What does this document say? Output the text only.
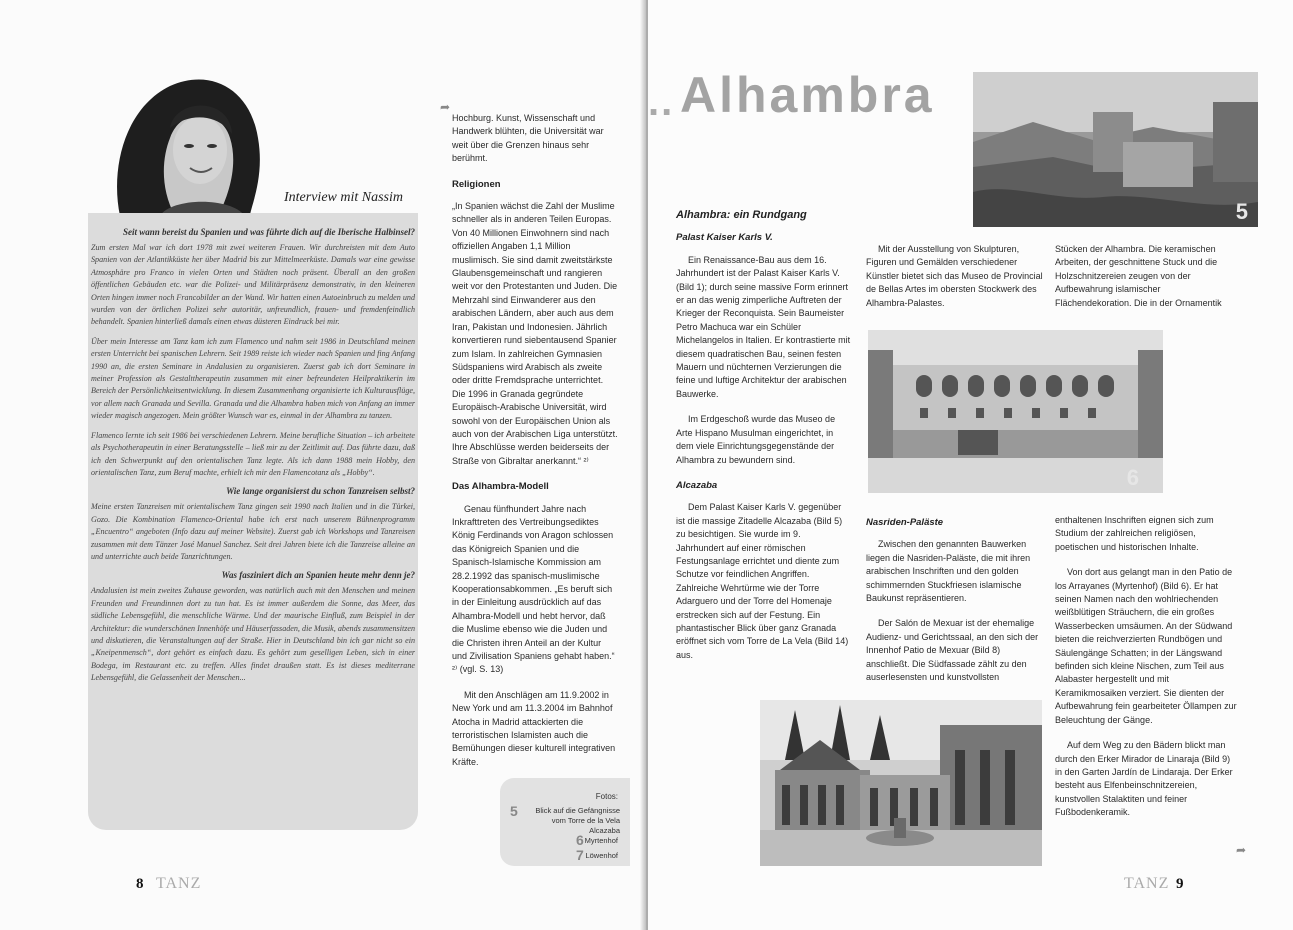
Interview mit Nassim
Seit wann bereist du Spanien und was führte dich auf die Iberische Halbinsel?

Zum ersten Mal war ich dort 1978 mit zwei weiteren Frauen. Wir durchreisten mit dem Auto Spanien von der Atlantikküste her über Madrid bis zur Mittelmeerküste. Damals war eine gewisse Atmosphäre pro Franco in vielen Orten und Städten noch präsent. Überall an den großen öffentlichen Gebäuden etc. war die Polizei- und Militärpräsenz demonstrativ, in den kleineren Orten hingen immer noch Francobilder an der Wand. Wir hatten einen Autoeinbruch zu melden und wurden von der örtlichen Polizei sehr autoritär, unfreundlich, frauen- und fremdenfeindlich behandelt. Spanien hinterließ damals einen etwas düsteren Eindruck bei mir.

Über mein Interesse am Tanz kam ich zum Flamenco und nahm seit 1986 in Deutschland meinen ersten Unterricht bei spanischen Lehrern. Seit 1989 reiste ich wieder nach Spanien und fing Anfang 1990 an, die ersten Seminare in Andalusien zu organisieren. Zuerst gab ich dort Seminare in meiner Profession als Gestalttherapeutin zusammen mit einer befreundeten Heilpraktikerin im Bereich der Persönlichkeitsentwicklung. In diesem Zusammenhang organisierte ich Kulturausflüge, vor allem nach Granada und Sevilla. Granada und die Alhambra haben mich von Anfang an immer wieder magisch angezogen. Mein größter Wunsch war es, einmal in der Alhambra zu tanzen.

Flamenco lernte ich seit 1986 bei verschiedenen Lehrern. Meine berufliche Situation – ich arbeitete als Psychotherapeutin in einer Beratungsstelle – ließ mir zu der Zeitlimit auf. Das führte dazu, daß ich den Schwerpunkt auf den orientalischen Tanz legte. Als ich dann 1988 mein Hobby, den orientalischen Tanz, zum Beruf machte, erhielt ich mir den Flamencotanz als „Hobby“.

Wie lange organisierst du schon Tanzreisen selbst?

Meine ersten Tanzreisen mit orientalischem Tanz gingen seit 1990 nach Italien und in die Türkei, Gozo. Die Kombination Flamenco-Oriental habe ich erst nach unserem Bühnenprogramm „Encuentro“ angeboten (Info dazu auf meiner Website). Zuerst gab ich Workshops und Tanzreisen zusammen mit dem Tänzer José Manuel Sanchez. Seit drei Jahren biete ich die Tanzreise alleine an und unterrichte auch beide Tanzrichtungen.

Was fasziniert dich an Spanien heute mehr denn je?

Andalusien ist mein zweites Zuhause geworden, was natürlich auch mit den Menschen und meinen Freunden und Freundinnen dort zu tun hat. Es ist immer außerdem die Sonne, das Meer, das südliche Lebensgefühl, die menschliche Wärme. Und der maurische Einfluß, zum Beispiel in der Architektur: die wunderschönen Innenhöfe und Häuserfassaden, die Musik, abends zusammensitzen und diskutieren, die Veranstaltungen auf der Straße. Hier in Deutschland bin ich gar nicht so ein „Kneipenmensch“, dort gehört es einfach dazu. Es gehört zum geselligen Leben, sich in einer Bodega, im Restaurant etc. zu treffen. Alles findet draußen statt. Es ist dieses mediterrane Lebensgefühl, die Gelassenheit der Menschen...

➦

Hochburg. Kunst, Wissenschaft und Handwerk blühten, die Universität war weit über die Grenzen hinaus sehr berühmt.

Religionen

„In Spanien wächst die Zahl der Muslime schneller als in anderen Teilen Europas. Von 40 Millionen Einwohnern sind nach offiziellen Angaben 1,1 Million muslimisch. Sie sind damit zweitstärkste Glaubensgemeinschaft und rangieren weit vor den Protestanten und Juden. Die Mehrzahl sind Einwanderer aus den arabischen Ländern, aber auch aus dem Iran, Pakistan und Indonesien. Jährlich konvertieren rund siebentausend Spanier zum Islam. In zahlreichen Gymnasien Südspaniens wird Arabisch als zweite oder dritte Fremdsprache unterrichtet. Die 1996 in Granada gegründete Europäisch-Arabische Universität, wird sowohl von der Europäischen Union als auch von der Arabischen Liga unterstützt. Ihre Abschlüsse werden beiderseits der Straße von Gibraltar anerkannt.“ ²⁾

Das Alhambra-Modell

Genau fünfhundert Jahre nach Inkrafttreten des Vertreibungsediktes König Ferdinands von Aragon schlossen das Königreich Spanien und die Spanisch-Islamische Kommission am 28.2.1992 das spanisch-muslimische Kooperationsabkommen. „Es beruft sich in der Einleitung ausdrücklich auf das Alhambra-Modell und hebt hervor, daß die Muslime ebenso wie die Juden und die Christen ihren Anteil an der Kultur und Zivilisation Spaniens gehabt haben.“ ²⁾ (vgl. S. 13)

Mit den Anschlägen am 11.9.2002 in New York und am 11.3.2004 im Bahnhof Atocha in Madrid attackierten die terroristischen Islamisten auch die Bemühungen dieser kulturell integrativen Kräfte.

Fotos:
5	Blick auf die Gefängnisse vom Torre de la Vela Alcazaba
6 Myrtenhof
7 Löwenhof
8 TANZ
.. Alhambra
5
Alhambra: ein Rundgang
Palast Kaiser Karls V.

Ein Renaissance-Bau aus dem 16. Jahrhundert ist der Palast Kaiser Karls V. (Bild 1); durch seine massive Form erinnert er an das wenig zimperliche Auftreten der Krieger der Reconquista. Sein Baumeister Petro Machuca war ein Schüler Michelangelos in Italien. Er kontrastierte mit diesem quadratischen Bau, seinen festen Mauern und nüchternen Verzierungen die feine und luftige Architektur der arabischen Bauwerke.

Im Erdgeschoß wurde das Museo de Arte Hispano Musulman eingerichtet, in dem viele Einrichtungsgegenstände der Alhambra zu bewundern sind.

Alcazaba

Dem Palast Kaiser Karls V. gegenüber ist die massige Zitadelle Alcazaba (Bild 5) zu besichtigen. Sie wurde im 9. Jahrhundert auf einer römischen Festungsanlage errichtet und diente zum Schutze vor feindlichen Angriffen. Zahlreiche Wehrtürme wie der Torre Adarguero und der Torre del Homenaje erstrecken sich auf der Festung. Ein phantastischer Blick über ganz Granada eröffnet sich vom Torre de La Vela (Bild 14) aus.

Mit der Ausstellung von Skulpturen, Figuren und Gemälden verschiedener Künstler bietet sich das Museo de Provincial de Bellas Artes im obersten Stockwerk des Alhambra-Palastes.

Stücken der Alhambra. Die keramischen Arbeiten, der geschnittene Stuck und die Holzschnitzereien zeugen von der Aufbewahrung islamischer Flächendekoration. Die in der Ornamentik

6
Nasriden-Paläste

Zwischen den genannten Bauwerken liegen die Nasriden-Paläste, die mit ihren arabischen Inschriften und den golden schimmernden Stuckfriesen islamische Baukunst repräsentieren.

Der Salón de Mexuar ist der ehemalige Audienz- und Gerichtssaal, an den sich der Innenhof Patio de Mexuar (Bild 8) anschließt. Die Südfassade zählt zu den auserlesensten und kunstvollsten

enthaltenen Inschriften eignen sich zum Studium der zahlreichen religiösen, poetischen und historischen Inhalte.

Von dort aus gelangt man in den Patio de los Arrayanes (Myrtenhof) (Bild 6). Er hat seinen Namen nach den wohlriechenden weißblütigen Sträuchern, die ein großes Wasserbecken umsäumen. An der Südwand bieten die reichverzierten Rundbögen und Säulengänge Schatten; in der Längswand befinden sich kleine Nischen, zum Teil aus Alabaster hergestellt und mit Keramikmosaiken verziert. Sie dienten der Aufbewahrung fein gearbeiteter Öllampen zur Beleuchtung der Gänge.

Auf dem Weg zu den Bädern blickt man durch den Erker Mirador de Linaraja (Bild 9) in den Garten Jardín de Lindaraja. Der Erker besteht aus Elfenbeinschnitzereien, kunstvollen Stalaktiten und feiner Fußbodenkeramik.

➦
TANZ 9
